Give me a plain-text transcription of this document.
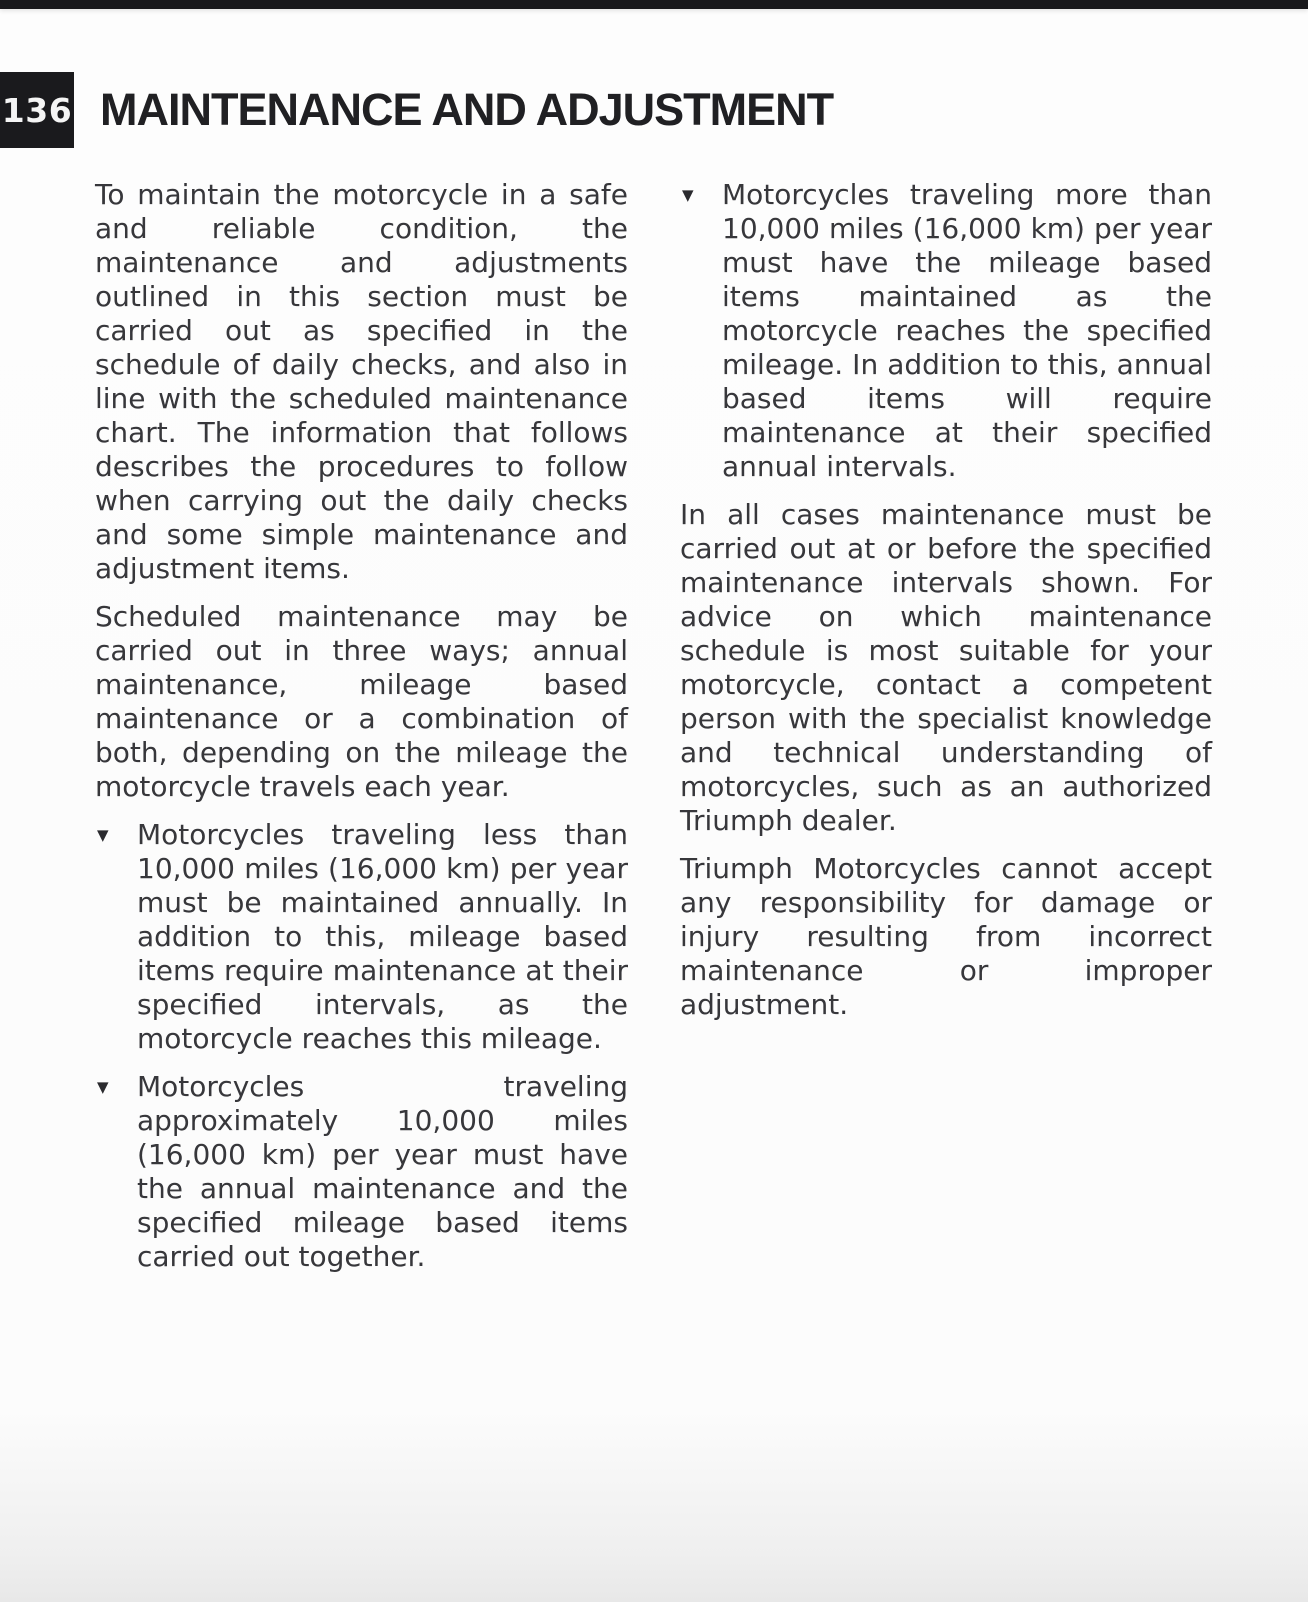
136 MAINTENANCE AND ADJUSTMENT

To maintain the motorcycle in a safe and reliable condition, the maintenance and adjustments outlined in this section must be carried out as specified in the schedule of daily checks, and also in line with the scheduled maintenance chart. The information that follows describes the procedures to follow when carrying out the daily checks and some simple maintenance and adjustment items.

Scheduled maintenance may be carried out in three ways; annual maintenance, mileage based maintenance or a combination of both, depending on the mileage the motorcycle travels each year.

▼ Motorcycles traveling less than 10,000 miles (16,000 km) per year must be maintained annually. In addition to this, mileage based items require maintenance at their specified intervals, as the motorcycle reaches this mileage.
▼ Motorcycles traveling approximately 10,000 miles (16,000 km) per year must have the annual maintenance and the specified mileage based items carried out together.
▼ Motorcycles traveling more than 10,000 miles (16,000 km) per year must have the mileage based items maintained as the motorcycle reaches the specified mileage. In addition to this, annual based items will require maintenance at their specified annual intervals.

In all cases maintenance must be carried out at or before the specified maintenance intervals shown. For advice on which maintenance schedule is most suitable for your motorcycle, contact a competent person with the specialist knowledge and technical understanding of motorcycles, such as an authorized Triumph dealer.

Triumph Motorcycles cannot accept any responsibility for damage or injury resulting from incorrect maintenance or improper adjustment.
